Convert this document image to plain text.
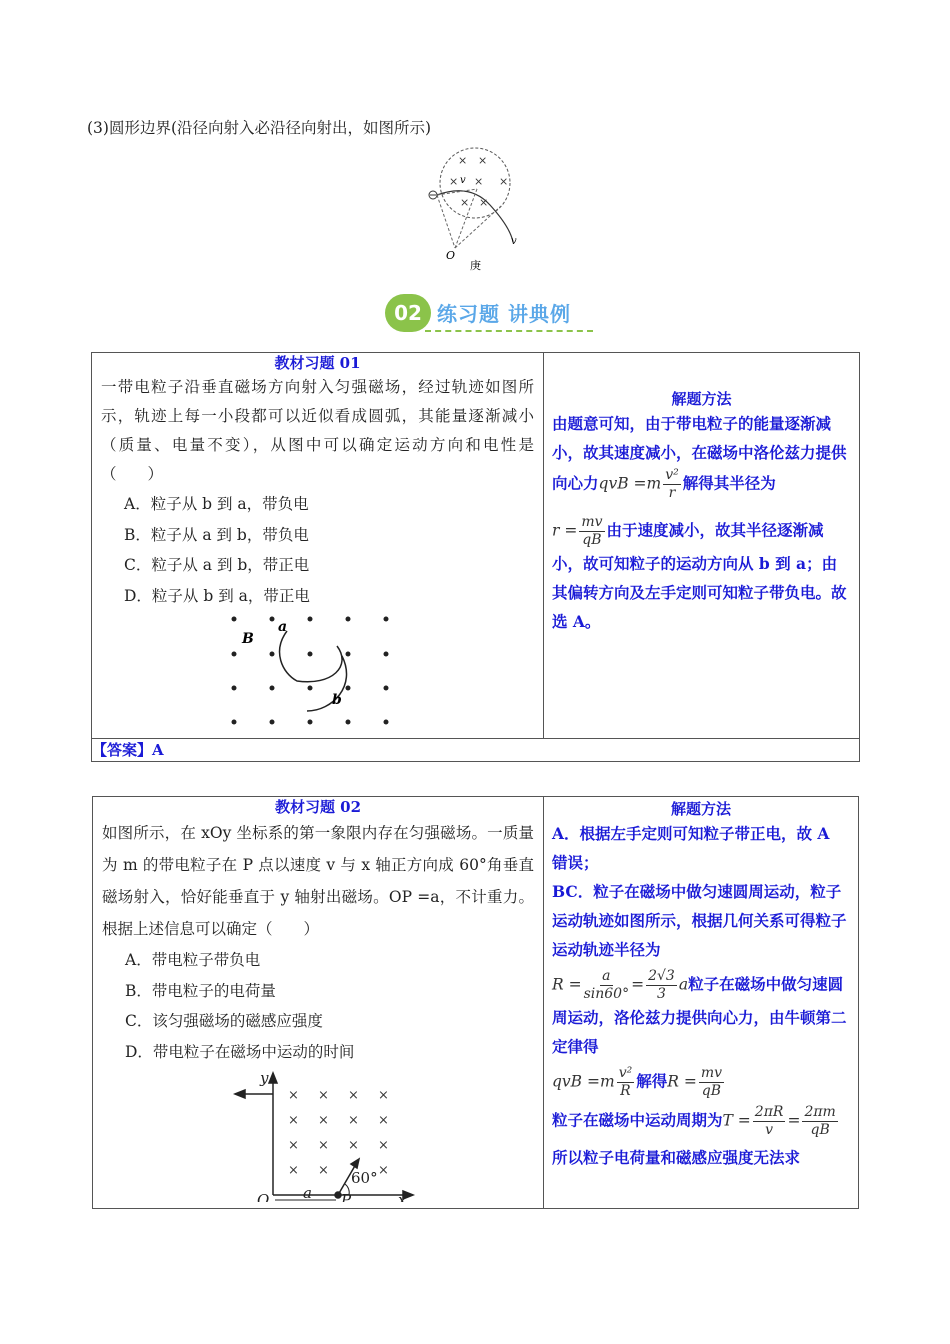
(3)圆形边界(沿径向射入必沿径向射出，如图所示)
× ×
× × ×
× ×
v
v
O
庚
02 练习题 讲典例
教材习题 01
一带电粒子沿垂直磁场方向射入匀强磁场，经过轨迹如图所示，轨迹上每一小段都可以近似看成圆弧，其能量逐渐减小（质量、电量不变），从图中可以确定运动方向和电性是（　　）
A．粒子从 b 到 a，带负电
B．粒子从 a 到 b，带负电
C．粒子从 a 到 b，带正电
D．粒子从 b 到 a，带正电
B
a
b

解题方法
由题意可知，由于带电粒子的能量逐渐减小，故其速度减小，在磁场中洛伦兹力提供向心力qvB $=m \frac{\text{v²}}{r}$ 解得其半径为
$r = \frac{mv}{qB}$ 由于速度减小，故其半径逐渐减小，故可知粒子的运动方向从 b 到 a；由其偏转方向及左手定则可知粒子带负电。故选 A。

【答案】A
教材习题 02
如图所示，在 xOy 坐标系的第一象限内存在匀强磁场。一质量为 m 的带电粒子在 P 点以速度 v 与 x 轴正方向成 60°角垂直磁场射入，恰好能垂直于 y 轴射出磁场。OP =a，不计重力。根据上述信息可以确定（　　）
A．带电粒子带负电
B．带电粒子的电荷量
C．该匀强磁场的磁感应强度
D．带电粒子在磁场中运动的时间
× × × ×
× × × ×
× × × ×
× ×	×
y
x
O a P
60°

解题方法
A．根据左手定则可知粒子带正电，故 A 错误；
BC．粒子在磁场中做匀速圆周运动，粒子运动轨迹如图所示，根据几何关系可得粒子运动轨迹半径为
$R = \frac{a}{\sin 60^\circ} = \frac{2√3}{3}$ a粒子在磁场中做匀速圆周运动，洛伦兹力提供向心力，由牛顿第二定律得
qvB $=m \frac{\text{v²}}{R}$ 解得$R = \frac{mv}{qB}$
粒子在磁场中运动周期为$T = \frac{2\pi R}{v} = \frac{2\pi m}{qB}$
所以粒子电荷量和磁感应强度无法求
